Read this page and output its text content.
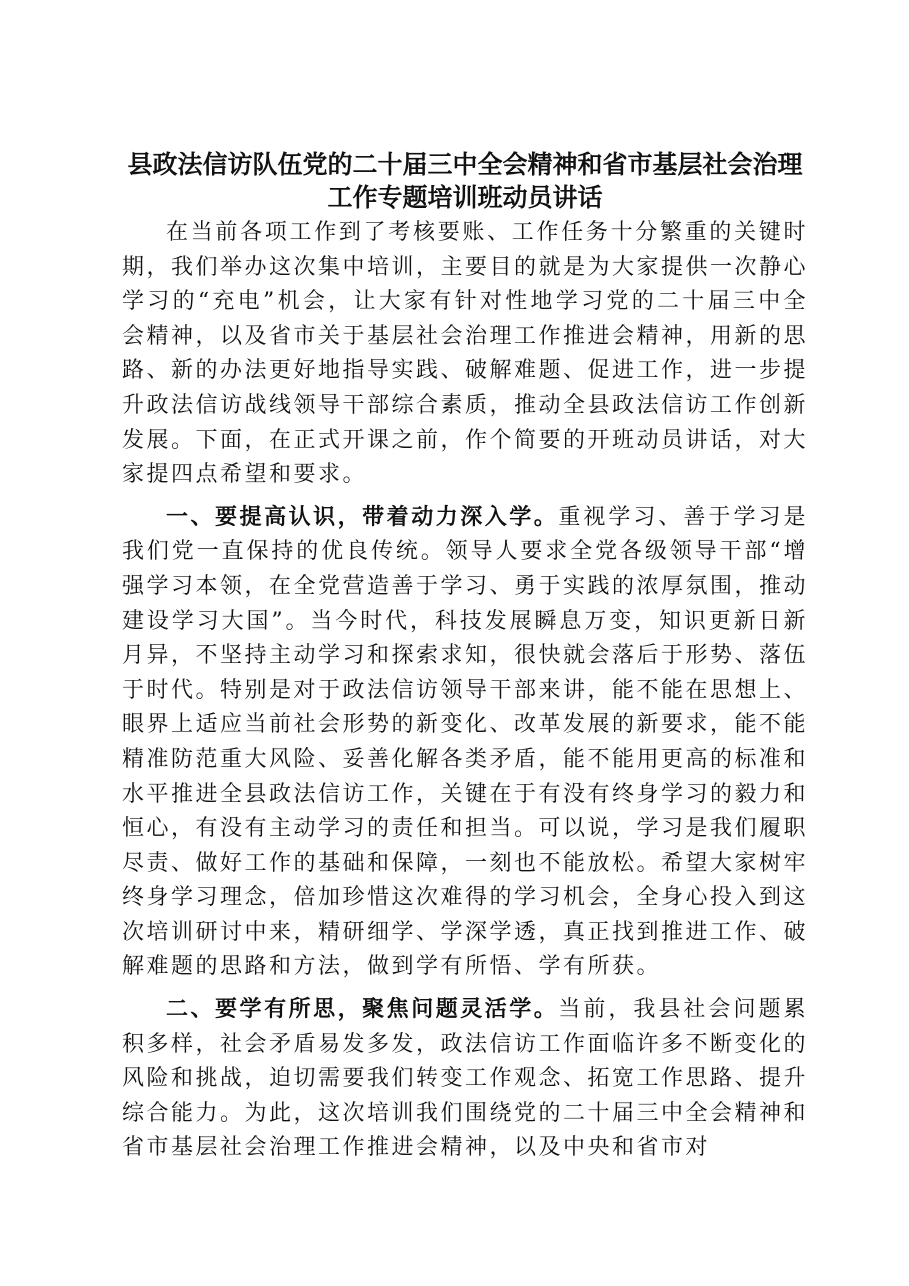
县政法信访队伍党的二十届三中全会精神和省市基层社会治理
工作专题培训班动员讲话

在当前各项工作到了考核要账、工作任务十分繁重的关键时期，我们举办这次集中培训，主要目的就是为大家提供一次静心学习的“充电”机会，让大家有针对性地学习党的二十届三中全会精神，以及省市关于基层社会治理工作推进会精神，用新的思路、新的办法更好地指导实践、破解难题、促进工作，进一步提升政法信访战线领导干部综合素质，推动全县政法信访工作创新发展。下面，在正式开课之前，作个简要的开班动员讲话，对大家提四点希望和要求。

一、要提高认识，带着动力深入学。重视学习、善于学习是我们党一直保持的优良传统。领导人要求全党各级领导干部“增强学习本领，在全党营造善于学习、勇于实践的浓厚氛围，推动建设学习大国”。当今时代，科技发展瞬息万变，知识更新日新月异，不坚持主动学习和探索求知，很快就会落后于形势、落伍于时代。特别是对于政法信访领导干部来讲，能不能在思想上、眼界上适应当前社会形势的新变化、改革发展的新要求，能不能精准防范重大风险、妥善化解各类矛盾，能不能用更高的标准和水平推进全县政法信访工作，关键在于有没有终身学习的毅力和恒心，有没有主动学习的责任和担当。可以说，学习是我们履职尽责、做好工作的基础和保障，一刻也不能放松。希望大家树牢终身学习理念，倍加珍惜这次难得的学习机会，全身心投入到这次培训研讨中来，精研细学、学深学透，真正找到推进工作、破解难题的思路和方法，做到学有所悟、学有所获。

二、要学有所思，聚焦问题灵活学。当前，我县社会问题累积多样，社会矛盾易发多发，政法信访工作面临许多不断变化的风险和挑战，迫切需要我们转变工作观念、拓宽工作思路、提升综合能力。为此，这次培训我们围绕党的二十届三中全会精神和省市基层社会治理工作推进会精神，以及中央和省市对
